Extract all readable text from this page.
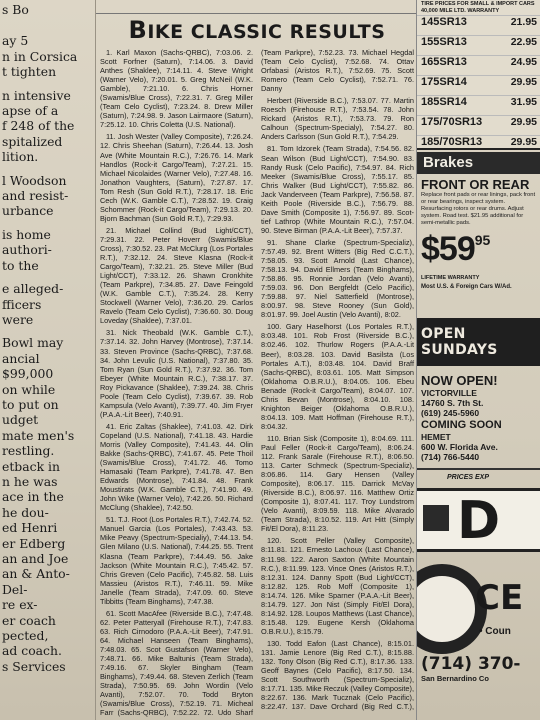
s Bo
ay 5
n in Corsica
t tighten
n intensive
apse of a
f 248 of the
spitalized
lition.
l Woodson
and resist-
urbance
is home
authori-
to the
e alleged-
fficers
were
Bowl may
ancial
$99,000
on while
to put on
udget
mate men's
restling.
etback in
n he was
ace in the
he dou-
ed Henri
er Edberg
an and Joe
an & Anto-
Del-
re ex-
er coach
pected,
ad coach.
s Services
BIKE CLASSIC RESULTS

1. Karl Maxon (Sachs-QRBC), 7:03.06. 2. Scott Forfner (Saturn), 7:14.06. 3. David Anthes (Shaklee), 7:14.11. 4. Steve Wright (Warner Velo), 7:20.01. 5. Greg McNeil (W.K. Gamble), 7:21.10. 6. Chris Horner (Swamis/Blue Cross), 7:22.31. 7. Greg Miller (Team Celo Cyclist), 7:23.24. 8. Drew Miller (Saturn), 7:24.98. 9. Jason Lairmaore (Saturn), 7:25.12. 10. Chris Coletta (U.S. National).

11. Josh Wester (Valley Composite), 7:26.24. 12. Chris Sheehan (Saturn), 7:26.44. 13. Josh Ave (White Mountain R.C.), 7:26.76. 14. Mark Handlos (Rock-it Cargo/Team), 7:27.21. 15. Michael Nicolaides (Warner Velo), 7:27.48. 16. Jonathon Vaughters, (Saturn), 7:27.87. 17. Tom Resh (Sun Gold R.T.), 7:28.17. 18. Eric Cech (W.K. Gamble C.T.), 7:28.52. 19. Craig Schommer (Rock-it Cargo/Team), 7:29.13. 20. Bjorn Bachman (Sun Gold R.T.), 7:29.93.

21. Michael Collind (Bud Light/CCT), 7:29.31. 22. Peter Hoverr (Swamis/Blue Cross), 7:30.52. 23. Pat McClurg (Los Portales R.T.), 7:32.12. 24. Steve Klasna (Rock-it Cargo/Team), 7:32.21. 25. Steve Miller (Bud Light/CCT), 7:33.12. 26. Shawn Cronkhite (Team Parkpre), 7:34.85. 27. Dave Feingold (W.K. Gamble C.T.), 7:35.24. 28. Kerry Stockwell (Warner Velo), 7:36.20. 29. Carlos Ravelo (Team Celo Cyclist), 7:36.60. 30. Doug Loveday (Shaklee), 7:37.01.

31. Nick Theobald (W.K. Gamble C.T.), 7:37.14. 32. John Harvey (Montrose), 7:37.14. 33. Steven Province (Sachs-QRBC), 7:37.68. 34. John Levulic (U.S. National), 7:37.80. 35. Tom Ryan (Sun Gold R.T.), 7:37.92. 36. Tom Ebeyer (White Mountain R.C.), 7:38.17. 37. Roy Pickavance (Shaklee), 7:39.24. 38. Chris Poole (Team Celo Cyclist), 7:39.67. 39. Rob Kampsula (Velo Avanti), 7:39.77. 40. Jim Fryer (P.A.A.-Lit Beer), 7:40.91.

41. Eric Zaltas (Shaklee), 7:41.03. 42. Dirk Copeland (U.S. National), 7:41.18. 43. Hardie Morris (Valley Composite), 7:41.43. 44. Olin Bakke (Sachs-QRBC), 7:41.67. 45. Pete Thoil (Swamis/Blue Cross), 7:41.72. 46. Tomo Hamasaki (Team Parkpre), 7:41.78. 47. Ben Edwards (Montrose), 7:41.84. 48. Frank Moustirats (W.K. Gamble C.T.), 7:41.90. 49. John Wike (Warner Velo), 7:42.26. 50. Richard McClung (Shaklee), 7:42.50.

51. T.J. Root (Los Portales R.T.), 7:42.74. 52. Manuel Garcia (Los Portales), 7:43.43. 53. Mike Peavy (Spectrum-Specialiy), 7:44.13. 54. Glen Milano (U.S. National), 7:44.25. 55. Trent Klasna (Team Parkpre), 7:44.49. 56. Jake Jackson (White Mountain R.C.), 7:45.42. 57. Chris Greven (Celo Pacific), 7:45.82. 58. Luis Massieu (Aristos R.T.), 7:46.11. 59. Mike Janelle (Team Strada), 7:47.09. 60. Steve Tibbitts (Team Binghams), 7:47.38.

61. Scott MacAfee (Riverside B.C.), 7:47.48. 62. Peter Patteryall (Firehouse R.T.), 7:47.83. 63. Rich Cirnodoro (P.A.A.-Lit Beer), 7:47.91. 64. Michael Hanseen (Team Binghams), 7:48.03. 65. Scot Gustafson (Warner Velo), 7:48.71. 66. Mike Baltunis (Team Strada), 7:49.16. 67. Skyler Bingham (Team Binghams), 7:49.44. 68. Steven Zerlich (Team Strada), 7:50.95. 69. John Wordin (Velo Avanti), 7:52.07. 70. Todd Bryton (Swamis/Blue Cross), 7:52.19. 71. Micheal Farr (Sachs-QRBC), 7:52.22. 72. Udo Sharf (Team Parkpre), 7:52.23. 73. Michael Hegdal (Team Celo Cyclist), 7:52.68. 74. Ottav Orfabasi (Aristos R.T.), 7:52.69. 75. Scott Romero (Team Celo Cyclist), 7:52.71. 76. Danny

Herbert (Riverside B.C.), 7:53.07. 77. Martin Roesch (Firehouse R.T.), 7:53.54. 78. John Rickard (Aristos R.T.), 7:53.73. 79. Ron Calhoun (Spectrum-Specialy), 7:54.27. 80. Anders Carlsson (Sun Gold R.T.), 7:54.29.

81. Tom Idzorek (Team Strada), 7:54.56. 82. Sean Wilson (Bud Light/CCT), 7:54.90. 83. Randy Rusk (Celo Pacific), 7:54.97. 84. Rich Meeker (Swamis/Blue Cross), 7:55.17. 85. Chris Walker (Bud Light/CCT), 7:55.82. 86. Jack Vanderveen (Team Parkpre), 7:56.58. 87. Keith Poole (Riverside B.C.), 7:56.79. 88. Dave Smith (Composite 1), 7:56.97. 89. Scot-tief Lathrop (White Mountain R.C.), 7:57.04. 90. Steve Birman (P.A.A.-Lit Beer), 7:57.37.

91. Shane Clarke (Spectrum-Specializ), 7:57.49. 92. Brent Witters (Big Red C.C.T.), 7:58.05. 93. Scott Arnold (Last Chance), 7:58.13. 94. David Ellmers (Team Binghams), 7:58.86. 95. Ronnie Jordan (Velo Avanti), 7:59.03. 96. Don Bergfeldt (Celo Pacific), 7:59.88. 97. Niel Satterfield (Montrose), 8:00.97. 98. Steve Rooney (Sun Gold), 8:01.97. 99. Joel Austin (Velo Avanti), 8:02.

100. Gary Haselhorst (Los Portales R.T.), 8:03.48. 101. Rob Frost (Riverside B.C.), 8:02.46. 102. Thurlow Rogers (P.A.A.-Lit Beer), 8:03.28. 103. David Basilsta (Los Portales A.T.), 8:03.48. 104. David Braff (Sachs-QRBC), 8:03.61. 105. Matt Simpson (Oklahoma O.B.R.U.), 8:04.05. 106. Ebeu Benade (Rock-it Cargo/Team), 8:04.07. 107. Chris Bevan (Montrose), 8:04.10. 108. Knighton Beiger (Oklahoma O.B.R.U.), 8:04.13. 109. Matt Hoffman (Firehouse R.T.), 8:04.32.

110. Brian Sisk (Composite 1), 8:04.69. 111. Paul Feller (Rock-it Cargo/Team), 8:06.24. 112. Frank Sarale (Firehouse R.T.), 8:06.50. 113. Carter Schmeck (Spectrum-Specializ), 8:06.86. 114. Gary Hensen (Valley Composite), 8:06.17. 115. Darrick McVay (Riverside B.C.), 8:06.97. 116. Matthew Ortiz (Composite 1), 8:07.41. 117. Troy Lundstrom (Velo Avanti), 8:09.59. 118. Mike Alvarado (Team Strada), 8:10.52. 119. Art Hitt (Simply Fit/El Dora), 8:11.23.

120. Scott Peller (Valley Composite), 8:11.81. 121. Ernesto Lachoux (Last Chance), 8:11.98. 122. Aaron Saxton (White Mountain R.C.), 8:11.99. 123. Vince Ones (Aristos R.T.), 8:12.31. 124. Danny Spott (Bud Light/CCT), 8:12.82. 125. Rob Moff (Composite 1), 8:14.74. 126. Mike Sparner (P.A.A.-Lit Beer), 8:14.79. 127. Jon Nist (Simply Fit/El Dora), 8:14.92. 128. Loupos Matthews (Last Chance), 8:15.48. 129. Eugene Kersh (Oklahoma O.B.R.U.), 8:15.79.

130. Todd Eafon (Last Chance), 8:15.01. 131. Jamie Lenore (Big Red C.T.), 8:15.88. 132. Tony Olson (Big Red C.T.), 8:17.36. 133. Geoff Baynes (Celo Pacific), 8:17.50. 134. Scott Southworth (Spectrum-Specializ), 8:17.71. 135. Mike Reczuk (Valley Composite), 8:22.67. 136. Mark Tucznak (Celo Pacific), 8:22.47. 137. Dave Orchard (Big Red C.T.),

TIRE PRICES FOR SMALL & IMPORT CARS 40,000 MILE LTD. WARRANTY
145SR13	21.95
155SR13	22.95
165SR13	24.95
175SR14	29.95
185SR14	31.95
175/70SR13	29.95
185/70SR13	29.95
Brakes
FRONT OR REAR
Replace front pads or rear linings, pack front or rear bearings, inspect system. Resurfacing rotors or rear drums. Adjust system. Road test. $21.95 additional for semi-metallic pads.
$59 95
LIFETIME WARRANTY
Most U.S. & Foreign Cars W/Ad.
OPEN SUNDAYS
NOW OPEN!
VICTORVILLE
14760 S. 7th St.
(619) 245-5960
COMING SOON
HEMET
600 W. Florida Ave.
(714) 766-5440
PRICES EXP
D
CE
• Coun
(714) 370-
San Bernardino Co
